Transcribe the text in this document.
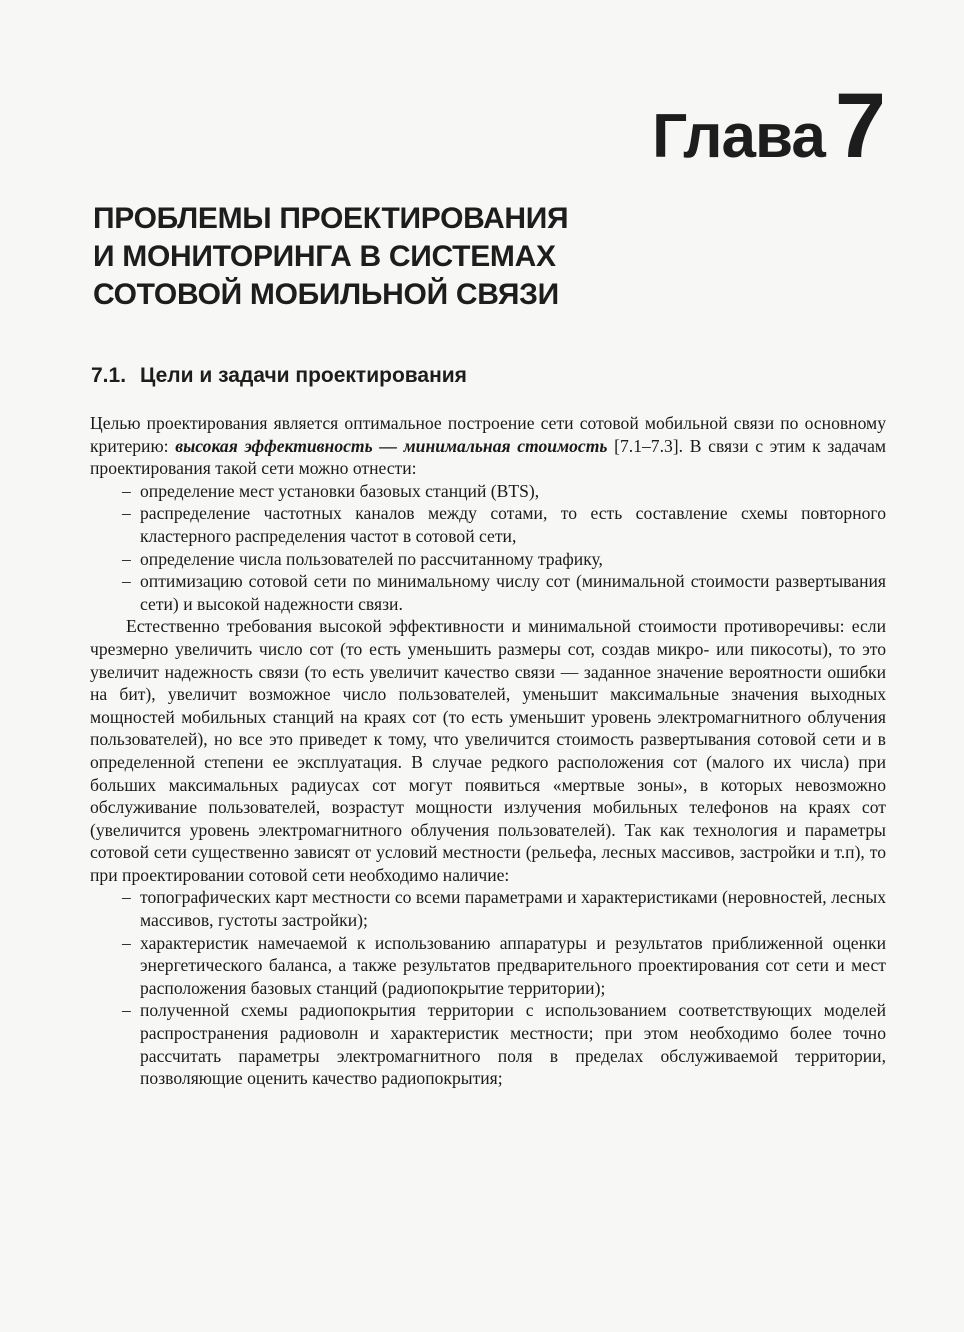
Глава 7
ПРОБЛЕМЫ ПРОЕКТИРОВАНИЯ
И МОНИТОРИНГА В СИСТЕМАХ
СОТОВОЙ МОБИЛЬНОЙ СВЯЗИ
7.1. Цели и задачи проектирования

Целью проектирования является оптимальное построение сети сотовой мобильной связи по основному критерию: высокая эффективность — минимальная стоимость [7.1–7.3]. В связи с этим к задачам проектирования такой сети можно отнести:

– определение мест установки базовых станций (BTS),
– распределение частотных каналов между сотами, то есть составление схемы повторного кластерного распределения частот в сотовой сети,
– определение числа пользователей по рассчитанному трафику,
– оптимизацию сотовой сети по минимальному числу сот (минимальной стоимости развертывания сети) и высокой надежности связи.

Естественно требования высокой эффективности и минимальной стоимости противоречивы: если чрезмерно увеличить число сот (то есть уменьшить размеры сот, создав микро- или пикосоты), то это увеличит надежность связи (то есть увеличит качество связи — заданное значение вероятности ошибки на бит), увеличит возможное число пользователей, уменьшит максимальные значения выходных мощностей мобильных станций на краях сот (то есть уменьшит уровень электромагнитного облучения пользователей), но все это приведет к тому, что увеличится стоимость развертывания сотовой сети и в определенной степени ее эксплуатация. В случае редкого расположения сот (малого их числа) при больших максимальных радиусах сот могут появиться «мертвые зоны», в которых невозможно обслуживание пользователей, возрастут мощности излучения мобильных телефонов на краях сот (увеличится уровень электромагнитного облучения пользователей). Так как технология и параметры сотовой сети существенно зависят от условий местности (рельефа, лесных массивов, застройки и т.п), то при проектировании сотовой сети необходимо наличие:

– топографических карт местности со всеми параметрами и характеристиками (неровностей, лесных массивов, густоты застройки);
– характеристик намечаемой к использованию аппаратуры и результатов приближенной оценки энергетического баланса, а также результатов предварительного проектирования сот сети и мест расположения базовых станций (радиопокрытие территории);
– полученной схемы радиопокрытия территории с использованием соответствующих моделей распространения радиоволн и характеристик местности; при этом необходимо более точно рассчитать параметры электромагнитного поля в пределах обслуживаемой территории, позволяющие оценить качество радиопокрытия;
